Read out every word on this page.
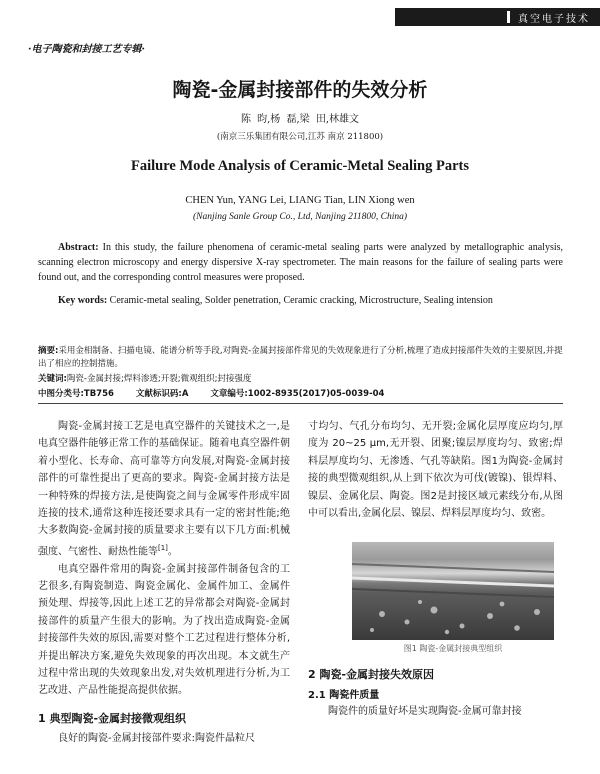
真空电子技术
·电子陶瓷和封接工艺专辑·
陶瓷-金属封接部件的失效分析
陈 昀,杨 磊,梁 田,林雄文
(南京三乐集团有限公司,江苏 南京 211800)
Failure Mode Analysis of Ceramic-Metal Sealing Parts
CHEN Yun, YANG Lei, LIANG Tian, LIN Xiong wen
(Nanjing Sanle Group Co., Ltd, Nanjing 211800, China)
Abstract: In this study, the failure phenomena of ceramic-metal sealing parts were analyzed by metallographic analysis, scanning electron microscopy and energy dispersive X-ray spectrometer. The main reasons for the failure of sealing parts were found out, and the corresponding control measures were proposed.
Key words: Ceramic-metal sealing, Solder penetration, Ceramic cracking, Microstructure, Sealing intension
摘要:采用金相制备、扫描电镜、能谱分析等手段,对陶瓷-金属封接部件常见的失效现象进行了分析,梳理了造成封接部件失效的主要原因,并提出了相应的控制措施。
关键词:陶瓷-金属封接;焊料渗透;开裂;微观组织;封接强度
中图分类号:TB756	文献标识码:A	文章编号:1002-8935(2017)05-0039-04

陶瓷-金属封接工艺是电真空器件的关键技术之一,是电真空器件能够正常工作的基础保证。随着电真空器件朝着小型化、长寿命、高可靠等方向发展,对陶瓷-金属封接部件的可靠性提出了更高的要求。陶瓷-金属封接方法是一种特殊的焊接方法,是使陶瓷之间与金属零件形成牢固连接的技术,通常这种连接还要求具有一定的密封性能;绝大多数陶瓷-金属封接的质量要求主要有以下几方面:机械强度、气密性、耐热性能等[1]。

电真空器件常用的陶瓷-金属封接部件制备包含的工艺很多,有陶瓷制造、陶瓷金属化、金属件加工、金属件预处理、焊接等,因此上述工艺的异常都会对陶瓷-金属封接部件的质量产生很大的影响。为了找出造成陶瓷-金属封接部件失效的原因,需要对整个工艺过程进行整体分析,并提出解决方案,避免失效现象的再次出现。本文就生产过程中常出现的失效现象出发,对失效机理进行分析,为工艺改进、产品性能提高提供依据。

1 典型陶瓷-金属封接微观组织

良好的陶瓷-金属封接部件要求:陶瓷件晶粒尺

寸均匀、气孔分布均匀、无开裂;金属化层厚度应均匀,厚度为 20~25 μm,无开裂、团聚;镍层厚度均匀、致密;焊料层厚度均匀、无渗透、气孔等缺陷。图1为陶瓷-金属封接的典型微观组织,从上到下依次为可伐(镀镍)、银焊料、镍层、金属化层、陶瓷。图2是封接区域元素线分布,从图中可以看出,金属化层、镍层、焊料层厚度均匀、致密。

图1 陶瓷-金属封接典型组织
2 陶瓷-金属封接失效原因
2.1 陶瓷件质量

陶瓷件的质量好坏是实现陶瓷-金属可靠封接
